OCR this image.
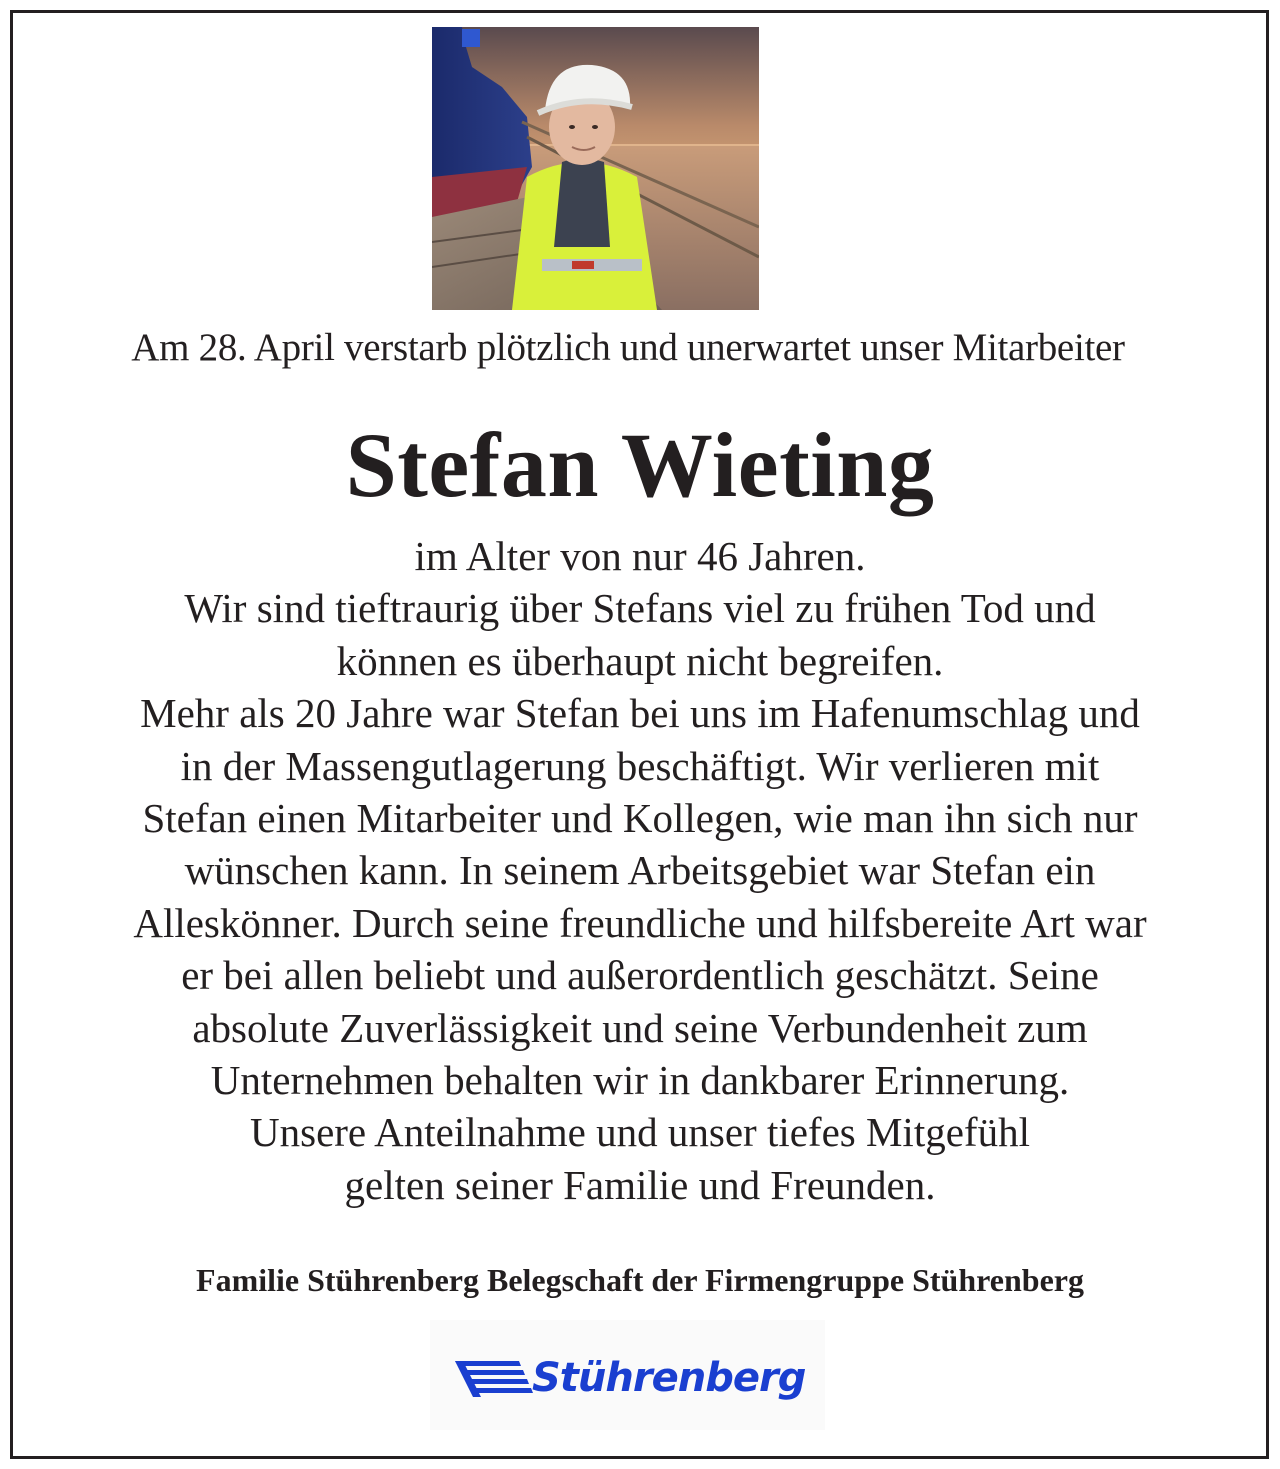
Am 28. April verstarb plötzlich und unerwartet unser Mitarbeiter
Stefan Wieting
im Alter von nur 46 Jahren.
Wir sind tieftraurig über Stefans viel zu frühen Tod und
können es überhaupt nicht begreifen.
Mehr als 20 Jahre war Stefan bei uns im Hafenumschlag und
in der Massengutlagerung beschäftigt. Wir verlieren mit
Stefan einen Mitarbeiter und Kollegen, wie man ihn sich nur
wünschen kann. In seinem Arbeitsgebiet war Stefan ein
Alleskönner. Durch seine freundliche und hilfsbereite Art war
er bei allen beliebt und außerordentlich geschätzt. Seine
absolute Zuverlässigkeit und seine Verbundenheit zum
Unternehmen behalten wir in dankbarer Erinnerung.
Unsere Anteilnahme und unser tiefes Mitgefühl
gelten seiner Familie und Freunden.
Familie Stührenberg Belegschaft der Firmengruppe Stührenberg
Stührenberg
